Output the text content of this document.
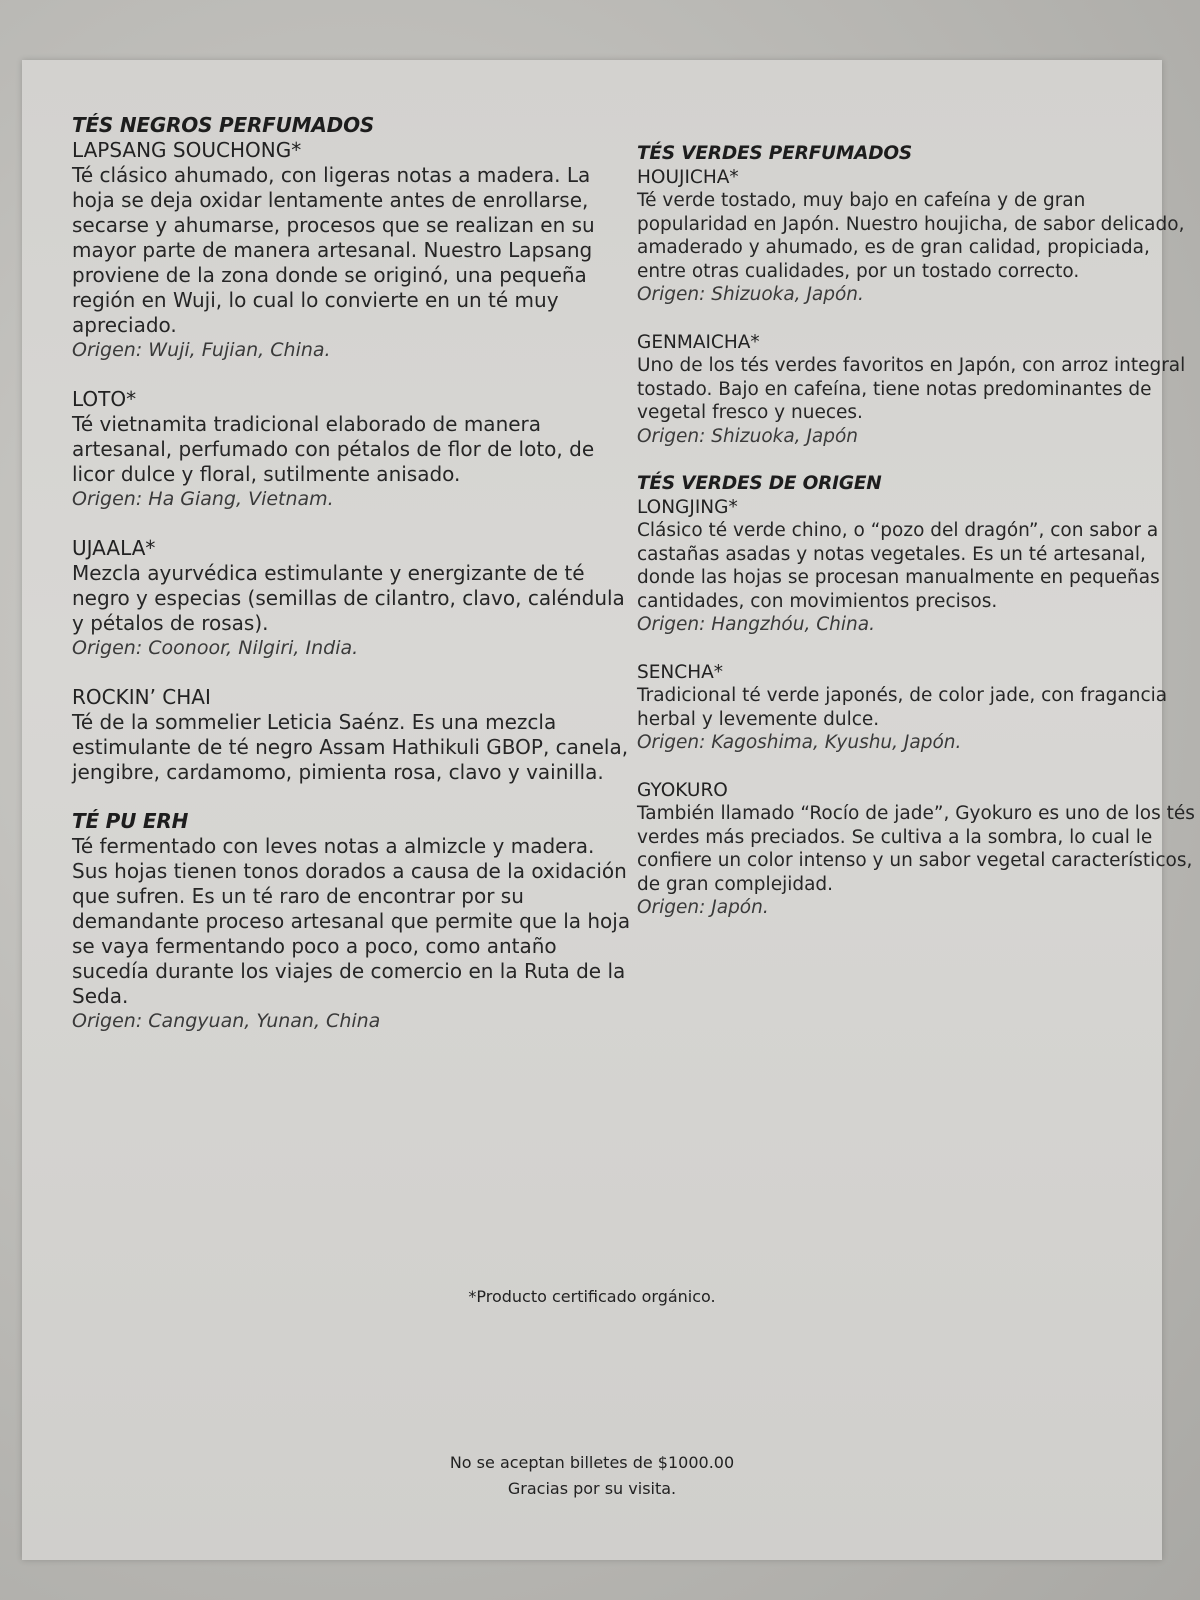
TÉS NEGROS PERFUMADOS
LAPSANG SOUCHONG*

Té clásico ahumado, con ligeras notas a madera. La hoja se deja oxidar lentamente antes de enrollarse, secarse y ahumarse, procesos que se realizan en su mayor parte de manera artesanal. Nuestro Lapsang proviene de la zona donde se originó, una pequeña región en Wuji, lo cual lo convierte en un té muy apreciado.

Origen: Wuji, Fujian, China.
LOTO*

Té vietnamita tradicional elaborado de manera artesanal, perfumado con pétalos de flor de loto, de licor dulce y floral, sutilmente anisado.

Origen: Ha Giang, Vietnam.
UJAALA*

Mezcla ayurvédica estimulante y energizante de té negro y especias (semillas de cilantro, clavo, caléndula y pétalos de rosas).

Origen: Coonoor, Nilgiri, India.
ROCKIN’ CHAI

Té de la sommelier Leticia Saénz. Es una mezcla estimulante de té negro Assam Hathikuli GBOP, canela, jengibre, cardamomo, pimienta rosa, clavo y vainilla.

TÉ PU ERH

Té fermentado con leves notas a almizcle y madera. Sus hojas tienen tonos dorados a causa de la oxidación que sufren. Es un té raro de encontrar por su demandante proceso artesanal que permite que la hoja se vaya fermentando poco a poco, como antaño sucedía durante los viajes de comercio en la Ruta de la Seda.

Origen: Cangyuan, Yunan, China
TÉS VERDES PERFUMADOS
HOUJICHA*

Té verde tostado, muy bajo en cafeína y de gran popularidad en Japón. Nuestro houjicha, de sabor delicado, amaderado y ahumado, es de gran calidad, propiciada, entre otras cualidades, por un tostado correcto.

Origen: Shizuoka, Japón.
GENMAICHA*

Uno de los tés verdes favoritos en Japón, con arroz integral tostado. Bajo en cafeína, tiene notas predominantes de vegetal fresco y nueces.

Origen: Shizuoka, Japón
TÉS VERDES DE ORIGEN
LONGJING*

Clásico té verde chino, o “pozo del dragón”, con sabor a castañas asadas y notas vegetales. Es un té artesanal, donde las hojas se procesan manualmente en pequeñas cantidades, con movimientos precisos.

Origen: Hangzhóu, China.
SENCHA*

Tradicional té verde japonés, de color jade, con fragancia herbal y levemente dulce.

Origen: Kagoshima, Kyushu, Japón.
GYOKURO

También llamado “Rocío de jade”, Gyokuro es uno de los tés verdes más preciados. Se cultiva a la sombra, lo cual le confiere un color intenso y un sabor vegetal característicos, de gran complejidad.

Origen: Japón.
*Producto certificado orgánico.
No se aceptan billetes de $1000.00
Gracias por su visita.
